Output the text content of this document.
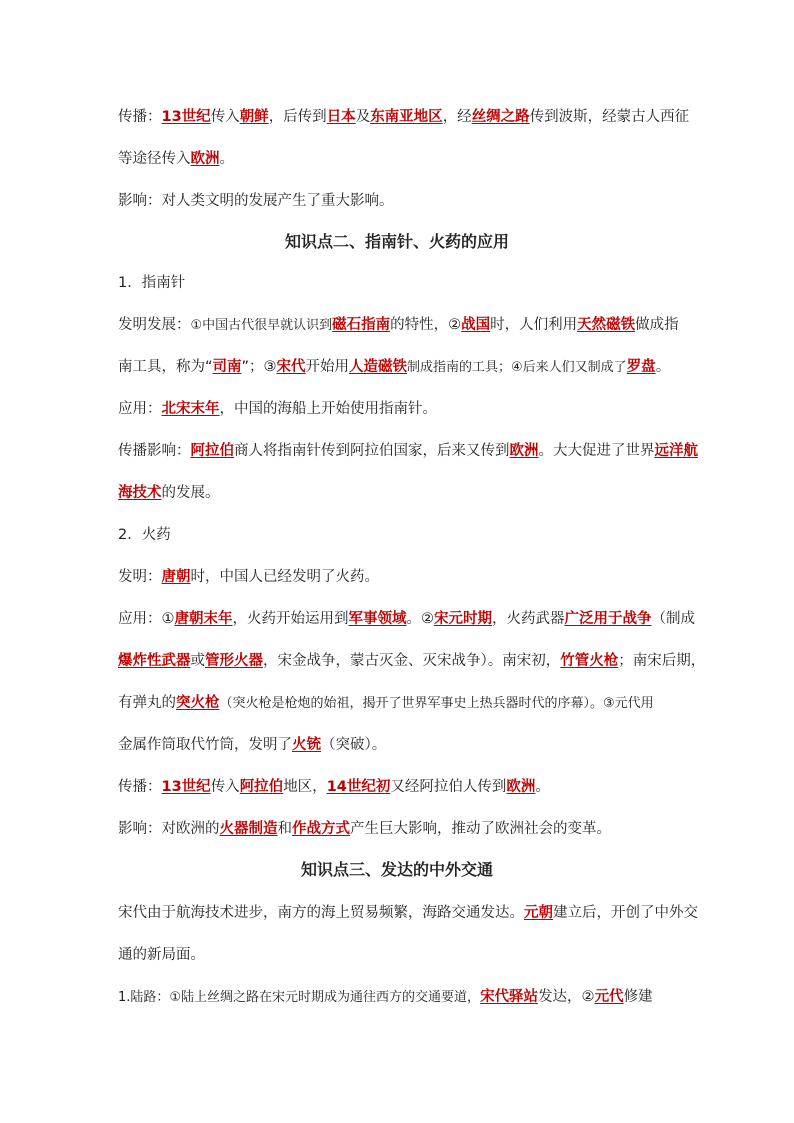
知识点二、指南针、火药的应用
知识点三、发达的中外交通
传播：13世纪传入朝鲜，后传到日本及东南亚地区，经丝绸之路传到波斯，经蒙古人西征
等途径传入欧洲。
影响：对人类文明的发展产生了重大影响。
1．指南针
发明发展：①中国古代很早就认识到磁石指南的特性，②战国时，人们利用天然磁铁做成指
南工具，称为“司南”；③宋代开始用人造磁铁制成指南的工具；④后来人们又制成了罗盘。
应用：北宋末年，中国的海船上开始使用指南针。
传播影响：阿拉伯商人将指南针传到阿拉伯国家，后来又传到欧洲。大大促进了世界远洋航
海技术的发展。
2．火药
发明：唐朝时，中国人已经发明了火药。
应用：①唐朝末年，火药开始运用到军事领域。②宋元时期，火药武器广泛用于战争（制成
爆炸性武器或管形火器，宋金战争，蒙古灭金、灭宋战争）。南宋初，竹管火枪；南宋后期，
有弹丸的突火枪（突火枪是枪炮的始祖，揭开了世界军事史上热兵器时代的序幕）。③元代用
金属作筒取代竹筒，发明了火铳（突破）。
传播：13世纪传入阿拉伯地区，14世纪初又经阿拉伯人传到欧洲。
影响：对欧洲的火器制造和作战方式产生巨大影响，推动了欧洲社会的变革。
宋代由于航海技术进步，南方的海上贸易频繁，海路交通发达。元朝建立后，开创了中外交
通的新局面。
1.陆路：①陆上丝绸之路在宋元时期成为通往西方的交通要道，宋代驿站发达，②元代修建
